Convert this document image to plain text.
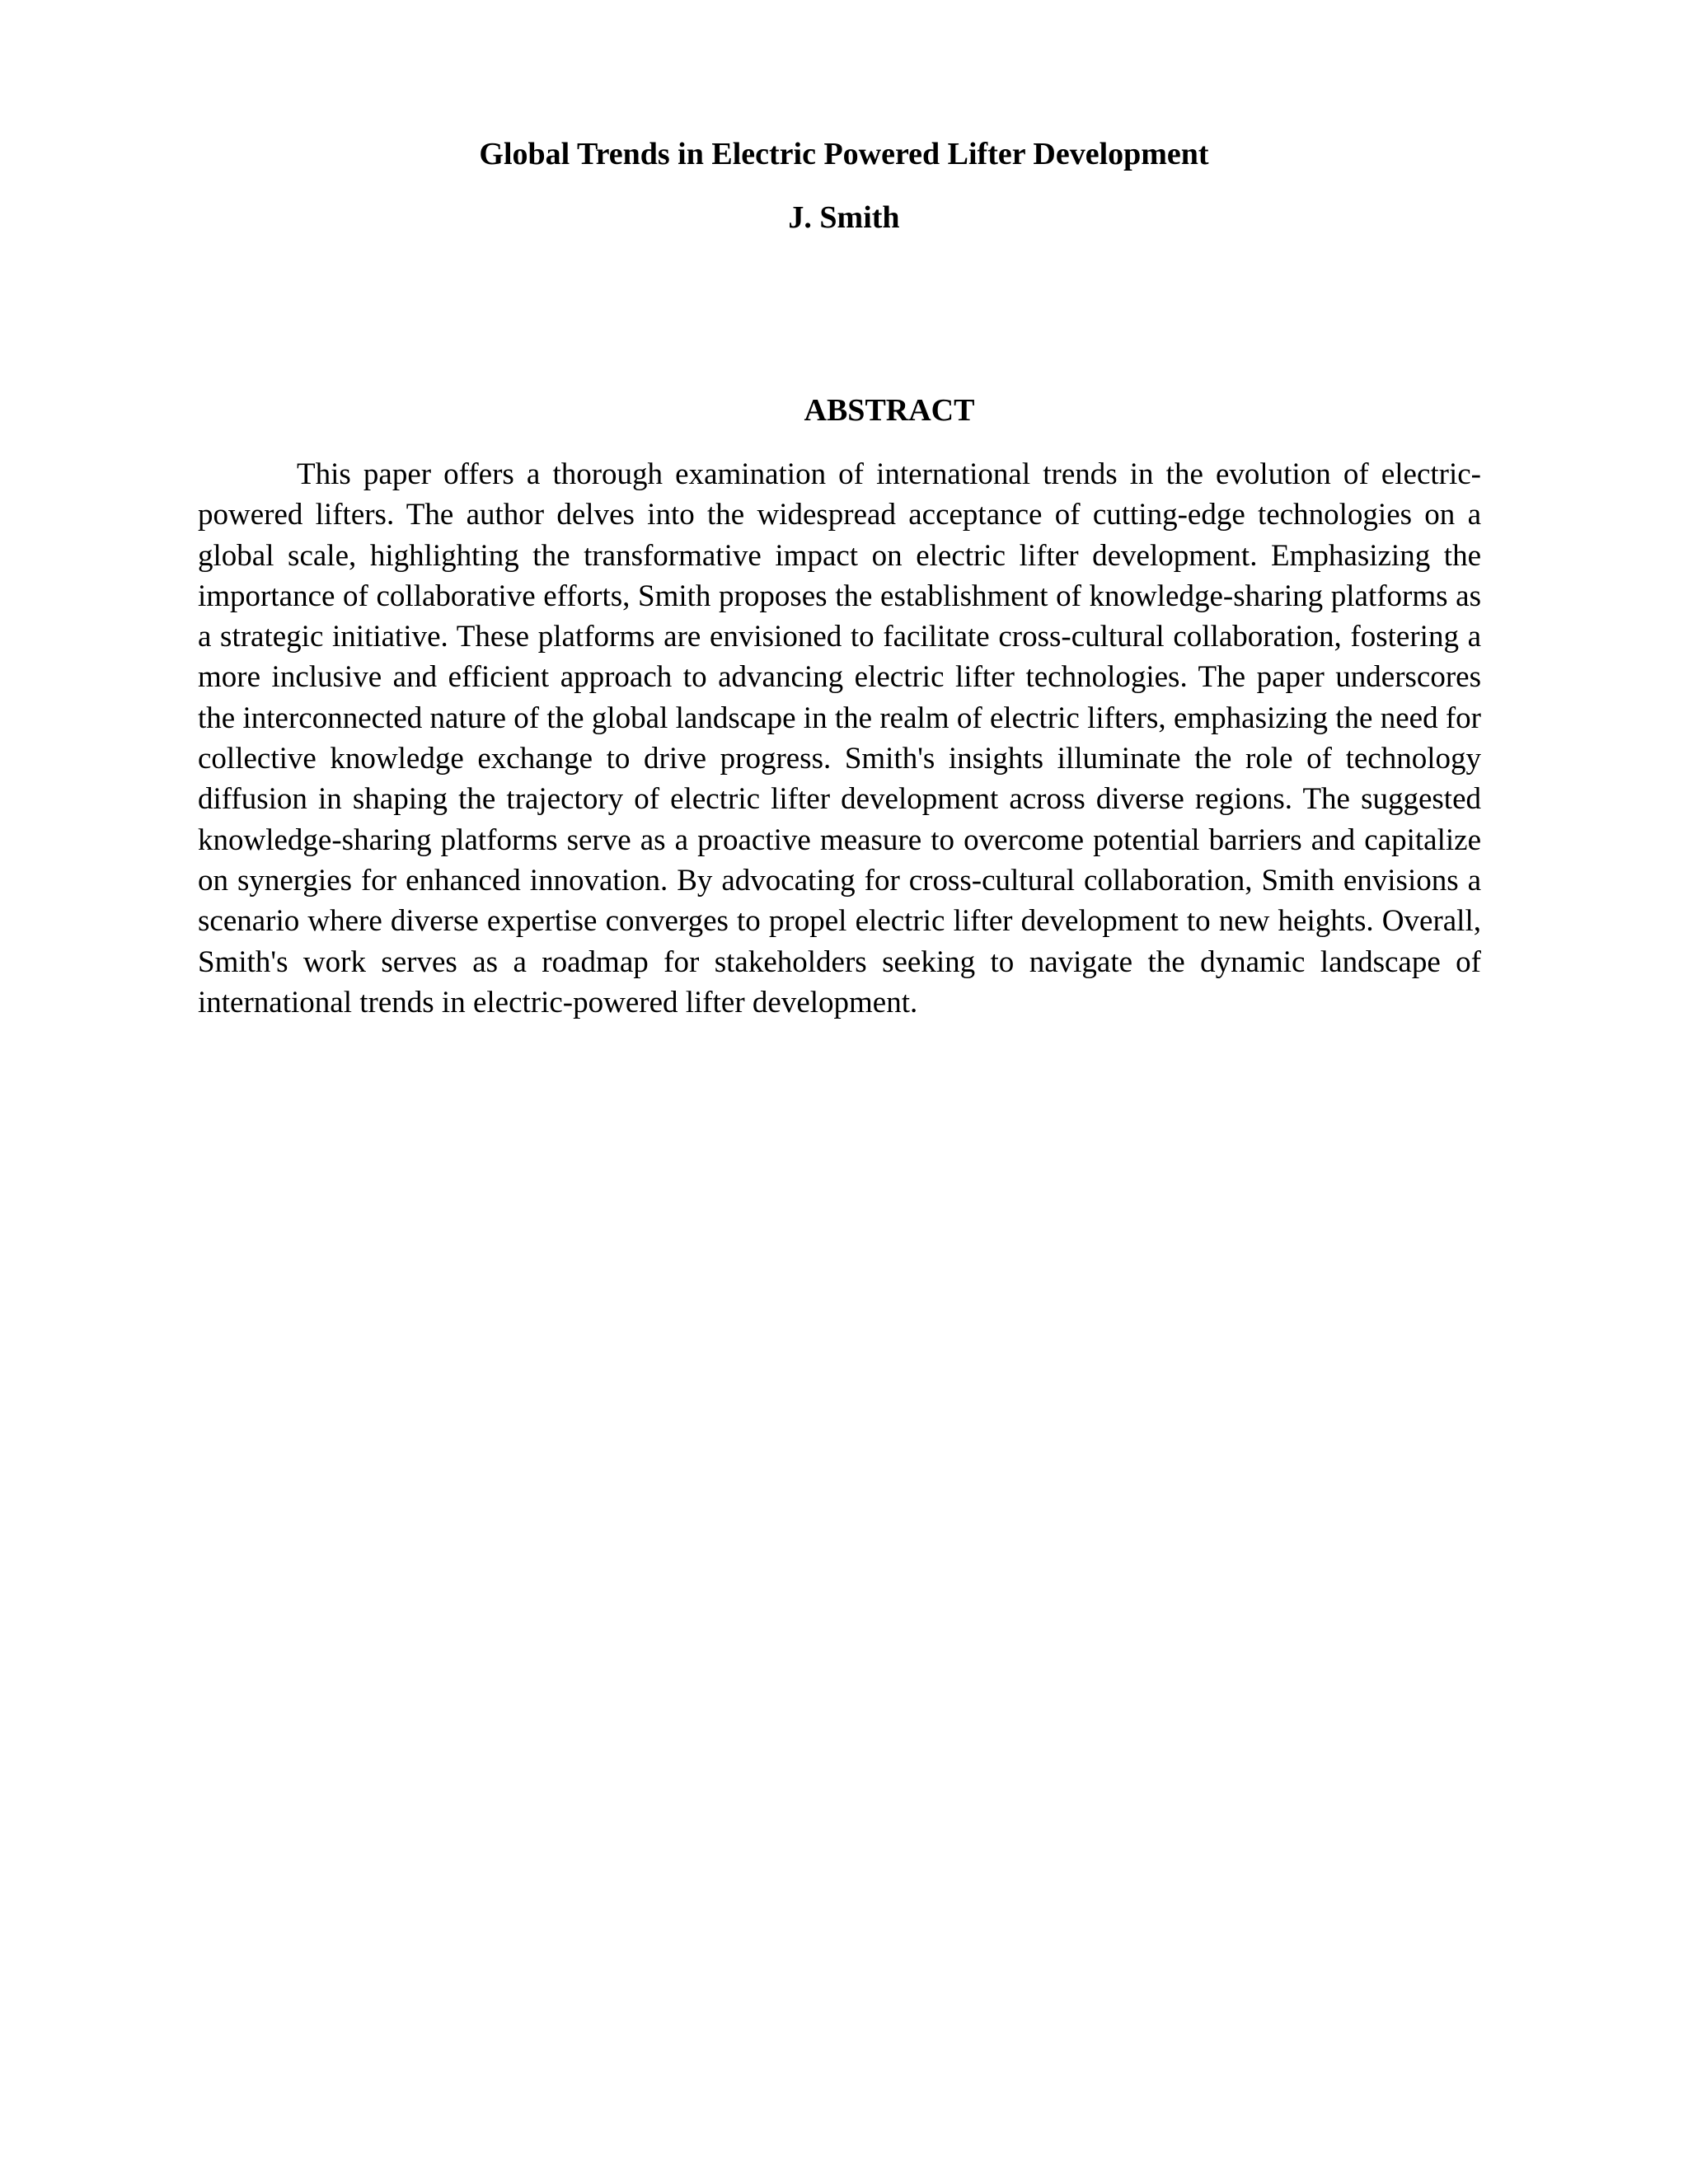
Global Trends in Electric Powered Lifter Development
J. Smith
ABSTRACT

This paper offers a thorough examination of international trends in the evolution of electric-powered lifters. The author delves into the widespread acceptance of cutting-edge technologies on a global scale, highlighting the transformative impact on electric lifter development. Emphasizing the importance of collaborative efforts, Smith proposes the establishment of knowledge-sharing platforms as a strategic initiative. These platforms are envisioned to facilitate cross-cultural collaboration, fostering a more inclusive and efficient approach to advancing electric lifter technologies. The paper underscores the interconnected nature of the global landscape in the realm of electric lifters, emphasizing the need for collective knowledge exchange to drive progress. Smith's insights illuminate the role of technology diffusion in shaping the trajectory of electric lifter development across diverse regions. The suggested knowledge-sharing platforms serve as a proactive measure to overcome potential barriers and capitalize on synergies for enhanced innovation. By advocating for cross-cultural collaboration, Smith envisions a scenario where diverse expertise converges to propel electric lifter development to new heights. Overall, Smith's work serves as a roadmap for stakeholders seeking to navigate the dynamic landscape of international trends in electric-powered lifter development.
